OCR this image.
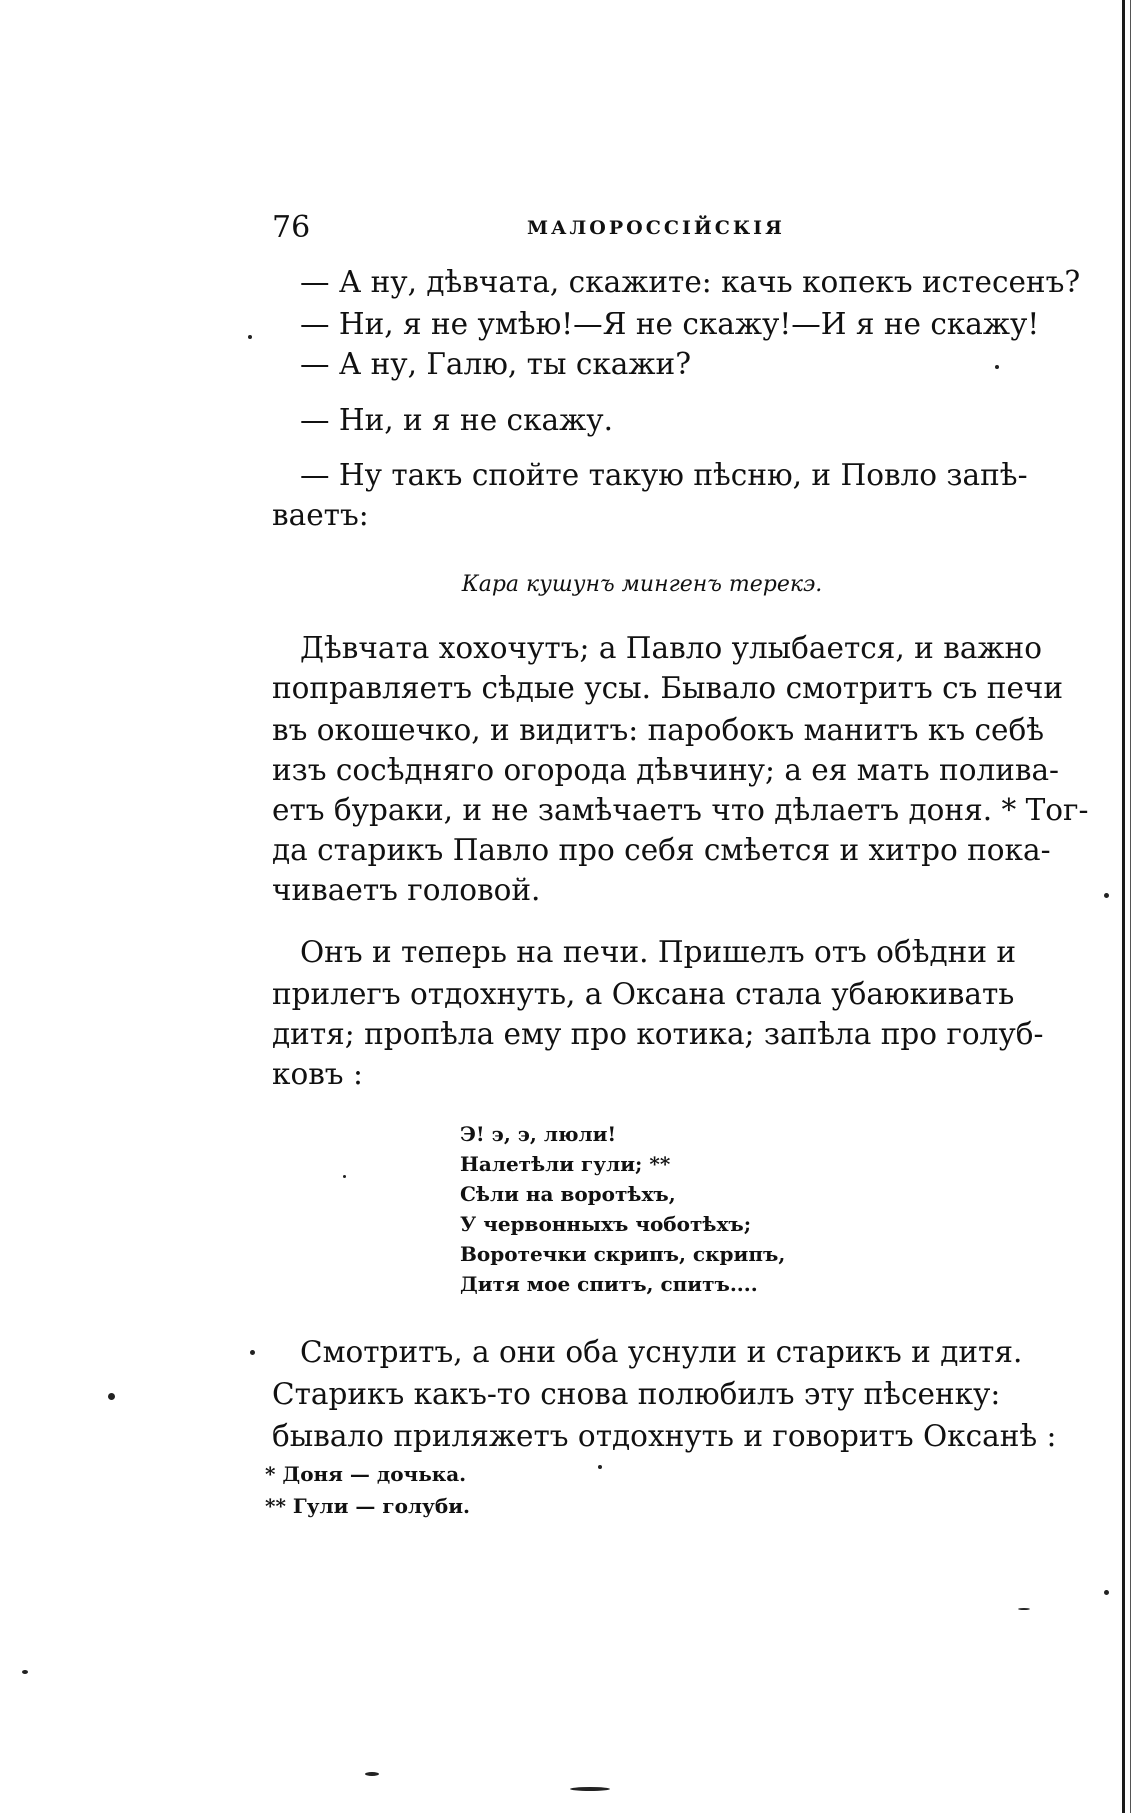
76	МАЛОРОССІЙСКІЯ
— А ну, дѣвчата, скажите: качь копекъ истесенъ?
— Ни, я не умѣю!—Я не скажу!—И я не скажу!
— А ну, Галю, ты скажи?
— Ни, и я не скажу.
— Ну такъ спойте такую пѣсню, и Повло запѣ-
ваетъ:
Кара кушунъ мингенъ терекэ.
Дѣвчата хохочутъ; а Павло улыбается, и важно
поправляетъ сѣдые усы. Бывало смотритъ съ печи
въ окошечко, и видитъ: паробокъ манитъ къ себѣ
изъ сосѣдняго огорода дѣвчину; а ея мать полива-
етъ бураки, и не замѣчаетъ что дѣлаетъ доня. * Тог-
да старикъ Павло про себя смѣется и хитро пока-
чиваетъ головой.
Онъ и теперь на печи. Пришелъ отъ обѣдни и
прилегъ отдохнуть, а Оксана стала убаюкивать
дитя; пропѣла ему про котика; запѣла про голуб-
ковъ :
Э! э, э, люли!
Налетѣли гули; **
Сѣли на воротѣхъ,
У червонныхъ чоботѣхъ;
Воротечки скрипъ, скрипъ,
Дитя мое спитъ, спитъ....
Смотритъ, а они оба уснули и старикъ и дитя.
Старикъ какъ-то снова полюбилъ эту пѣсенку:
бывало приляжетъ отдохнуть и говоритъ Оксанѣ :
* Доня — дочька.
** Гули — голуби.
